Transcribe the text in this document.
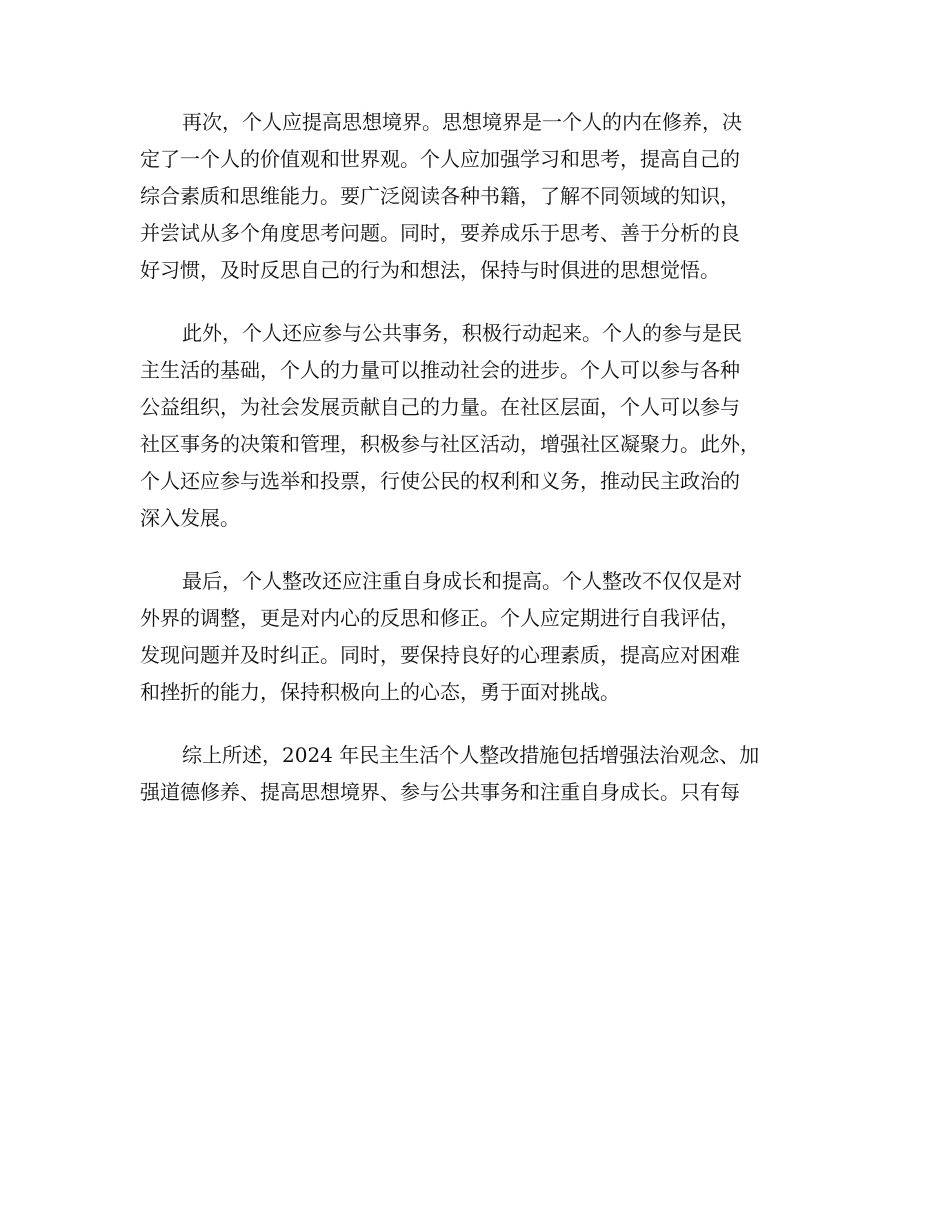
再次，个人应提高思想境界。思想境界是一个人的内在修养，决
定了一个人的价值观和世界观。个人应加强学习和思考，提高自己的
综合素质和思维能力。要广泛阅读各种书籍，了解不同领域的知识，
并尝试从多个角度思考问题。同时，要养成乐于思考、善于分析的良
好习惯，及时反思自己的行为和想法，保持与时俱进的思想觉悟。
此外，个人还应参与公共事务，积极行动起来。个人的参与是民
主生活的基础，个人的力量可以推动社会的进步。个人可以参与各种
公益组织，为社会发展贡献自己的力量。在社区层面，个人可以参与
社区事务的决策和管理，积极参与社区活动，增强社区凝聚力。此外，
个人还应参与选举和投票，行使公民的权利和义务，推动民主政治的
深入发展。
最后，个人整改还应注重自身成长和提高。个人整改不仅仅是对
外界的调整，更是对内心的反思和修正。个人应定期进行自我评估，
发现问题并及时纠正。同时，要保持良好的心理素质，提高应对困难
和挫折的能力，保持积极向上的心态，勇于面对挑战。
综上所述，2024 年民主生活个人整改措施包括增强法治观念、加
强道德修养、提高思想境界、参与公共事务和注重自身成长。只有每
